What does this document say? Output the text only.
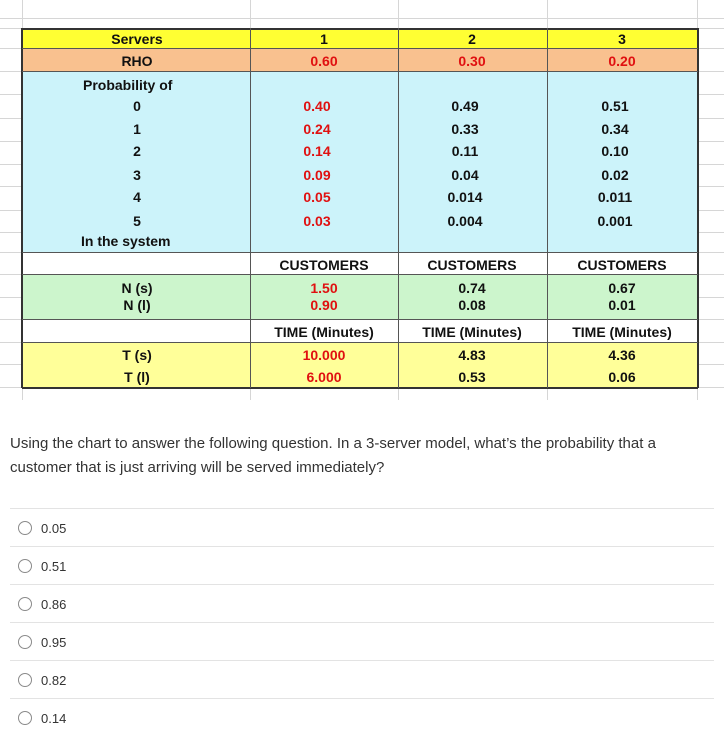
Servers
RHO
Probability of
0
1
2
3
4
5
In the system
N (s)
N (l)
T (s)
T (l)
1
0.60
0.40
0.24
0.14
0.09
0.05
0.03
CUSTOMERS
1.50
0.90
TIME (Minutes)
10.000
6.000
2
0.30
0.49
0.33
0.11
0.04
0.014
0.004
CUSTOMERS
0.74
0.08
TIME (Minutes)
4.83
0.53
3
0.20
0.51
0.34
0.10
0.02
0.011
0.001
CUSTOMERS
0.67
0.01
TIME (Minutes)
4.36
0.06
Using the chart to answer the following question. In a 3-server model, what’s the probability that a customer that is just arriving will be served immediately?
0.05
0.51
0.86
0.95
0.82
0.14
